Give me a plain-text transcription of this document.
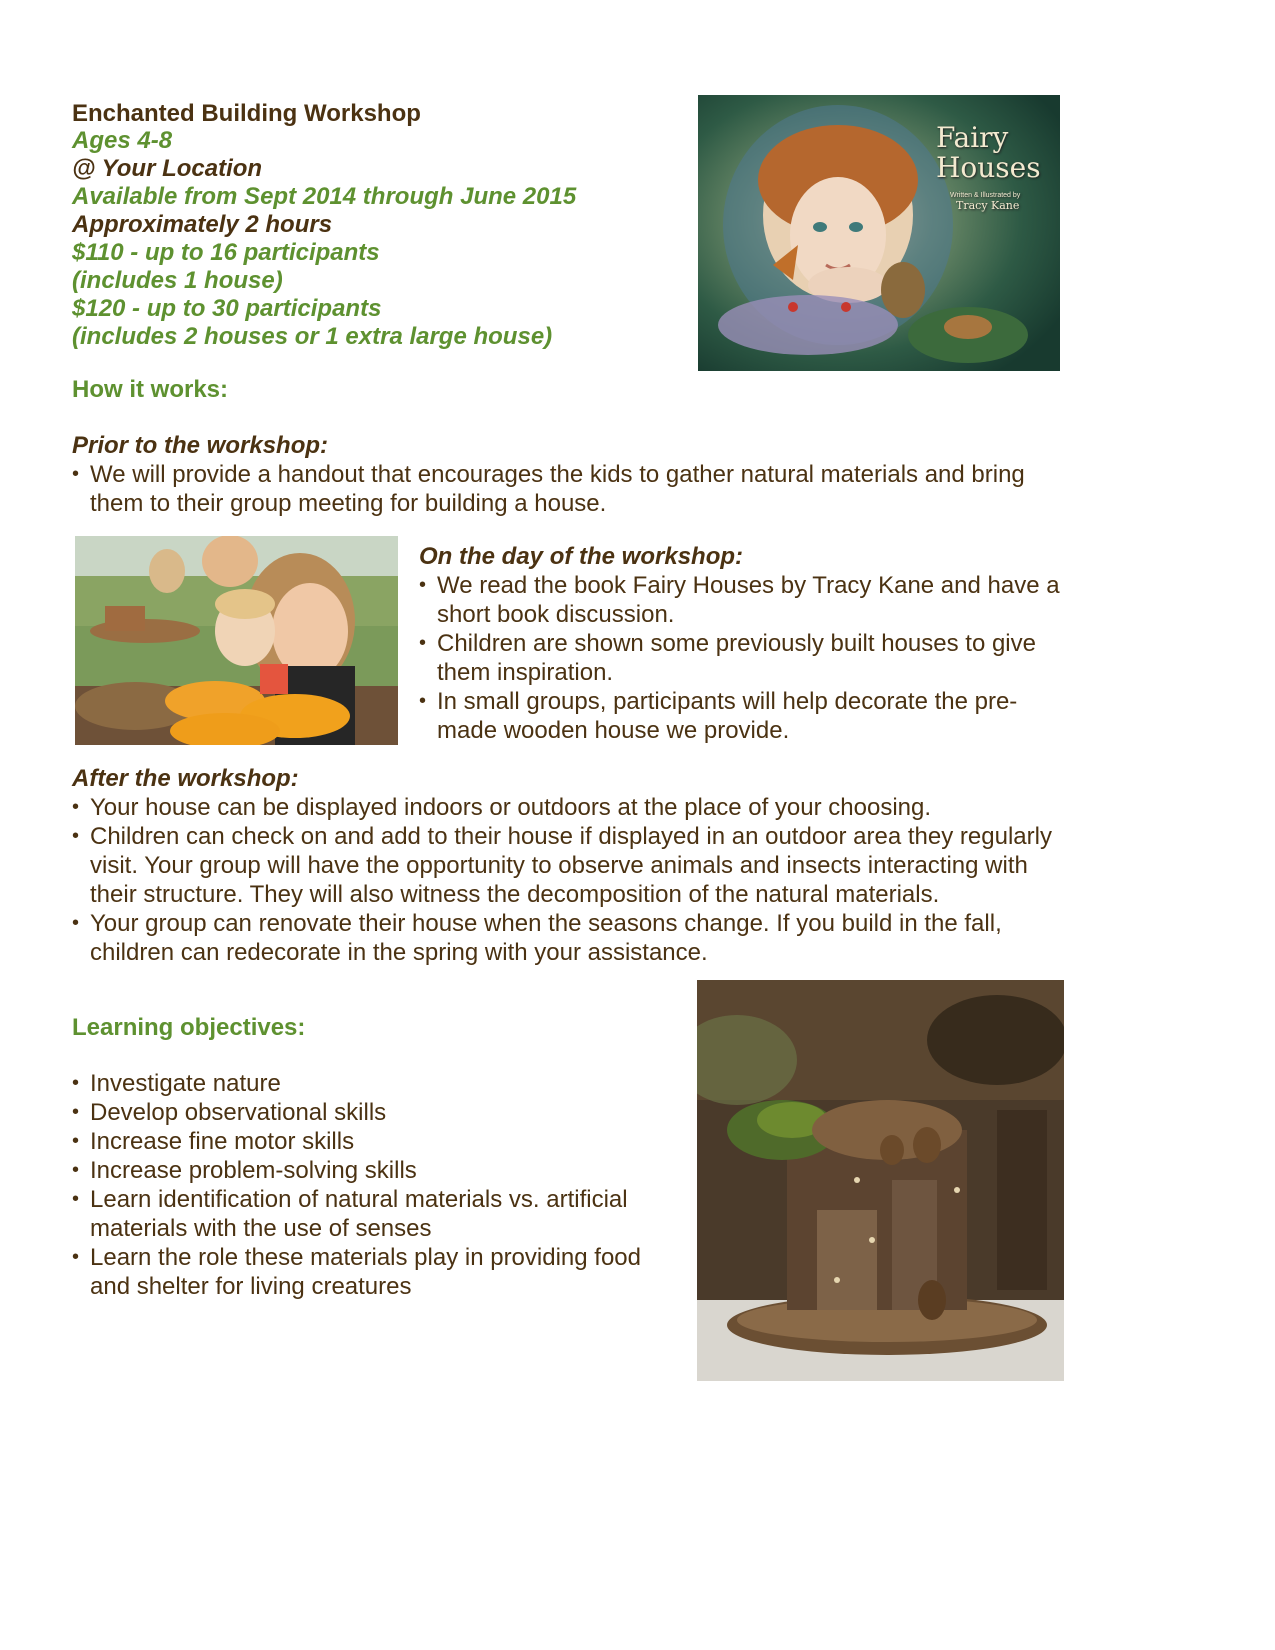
Enchanted Building Workshop
Ages 4-8
@ Your Location
Available from Sept 2014 through June 2015
Approximately 2 hours
$110 - up to 16 participants
(includes 1 house)
$120 - up to 30 participants
(includes 2 houses or 1 extra large house)
Fairy
Houses
Written & Illustrated by
Tracy Kane
How it works:
Prior to the workshop:
• We will provide a handout that encourages the kids to gather natural materials and bring
them to their group meeting for building a house.
On the day of the workshop:
• We read the book Fairy Houses by Tracy Kane and have a
short book discussion.
• Children are shown some previously built houses to give
them inspiration.
• In small groups, participants will help decorate the pre-
made wooden house we provide.
After the workshop:
• Your house can be displayed indoors or outdoors at the place of your choosing.
• Children can check on and add to their house if displayed in an outdoor area they regularly
visit. Your group will have the opportunity to observe animals and insects interacting with
their structure. They will also witness the decomposition of the natural materials.
• Your group can renovate their house when the seasons change. If you build in the fall,
children can redecorate in the spring with your assistance.
Learning objectives:
• Investigate nature
• Develop observational skills
• Increase fine motor skills
• Increase problem-solving skills
• Learn identification of natural materials vs. artificial
materials with the use of senses
• Learn the role these materials play in providing food
and shelter for living creatures
